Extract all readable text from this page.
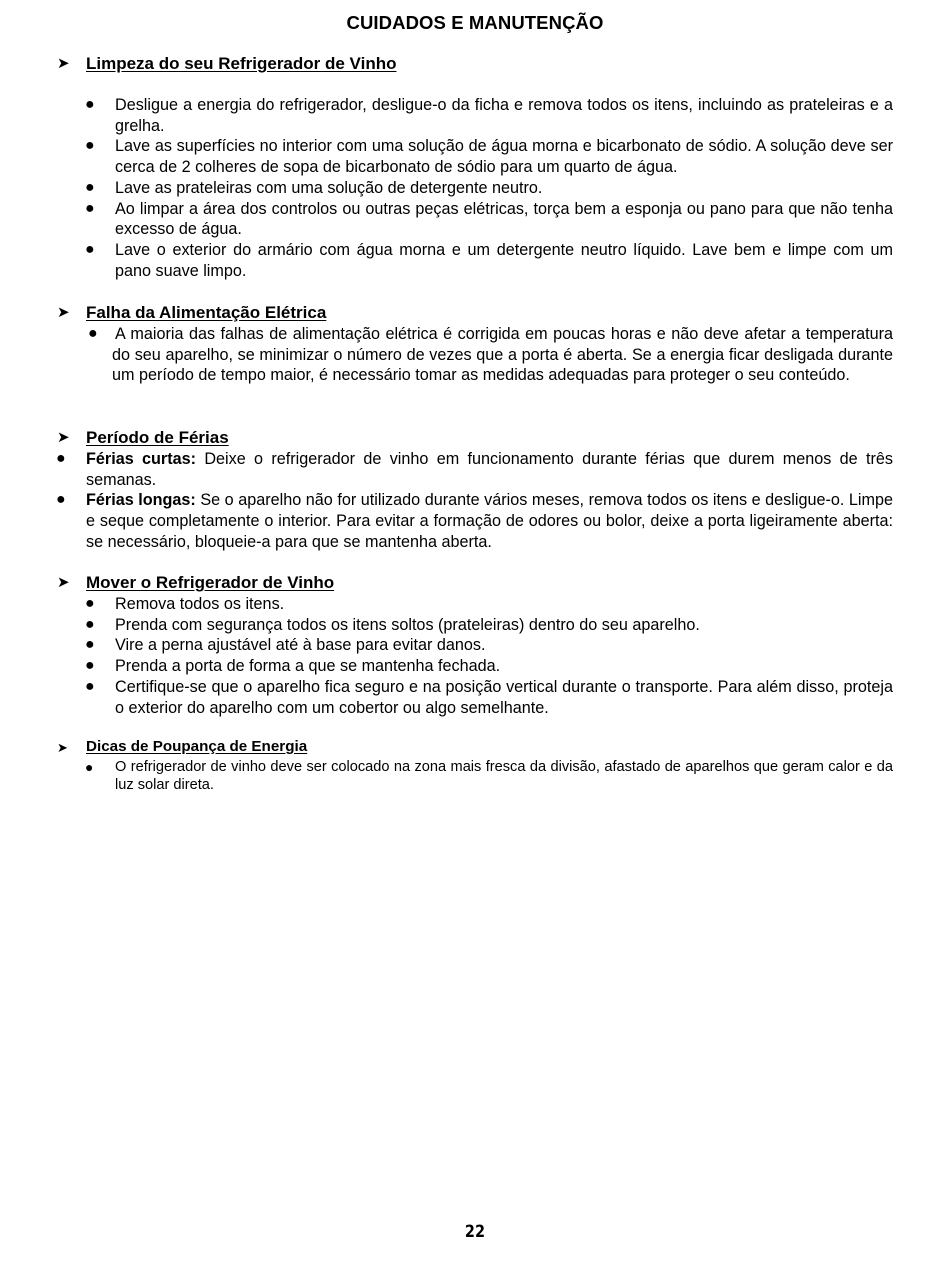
CUIDADOS E MANUTENÇÃO
➤ Limpeza do seu Refrigerador de Vinho
● Desligue a energia do refrigerador, desligue-o da ficha e remova todos os itens, incluindo as prateleiras e a grelha.
● Lave as superfícies no interior com uma solução de água morna e bicarbonato de sódio. A solução deve ser cerca de 2 colheres de sopa de bicarbonato de sódio para um quarto de água.
● Lave as prateleiras com uma solução de detergente neutro.
● Ao limpar a área dos controlos ou outras peças elétricas, torça bem a esponja ou pano para que não tenha excesso de água.
● Lave o exterior do armário com água morna e um detergente neutro líquido. Lave bem e limpe com um pano suave limpo.
➤ Falha da Alimentação Elétrica
● A maioria das falhas de alimentação elétrica é corrigida em poucas horas e não deve afetar a temperatura do seu aparelho, se minimizar o número de vezes que a porta é aberta. Se a energia ficar desligada durante um período de tempo maior, é necessário tomar as medidas adequadas para proteger o seu conteúdo.
➤ Período de Férias
● Férias curtas: Deixe o refrigerador de vinho em funcionamento durante férias que durem menos de três semanas.
● Férias longas: Se o aparelho não for utilizado durante vários meses, remova todos os itens e desligue-o. Limpe e seque completamente o interior. Para evitar a formação de odores ou bolor, deixe a porta ligeiramente aberta: se necessário, bloqueie-a para que se mantenha aberta.
➤ Mover o Refrigerador de Vinho
● Remova todos os itens.
● Prenda com segurança todos os itens soltos (prateleiras) dentro do seu aparelho.
● Vire a perna ajustável até à base para evitar danos.
● Prenda a porta de forma a que se mantenha fechada.
● Certifique-se que o aparelho fica seguro e na posição vertical durante o transporte. Para além disso, proteja o exterior do aparelho com um cobertor ou algo semelhante.
➤ Dicas de Poupança de Energia
● O refrigerador de vinho deve ser colocado na zona mais fresca da divisão, afastado de aparelhos que geram calor e da luz solar direta.
22
